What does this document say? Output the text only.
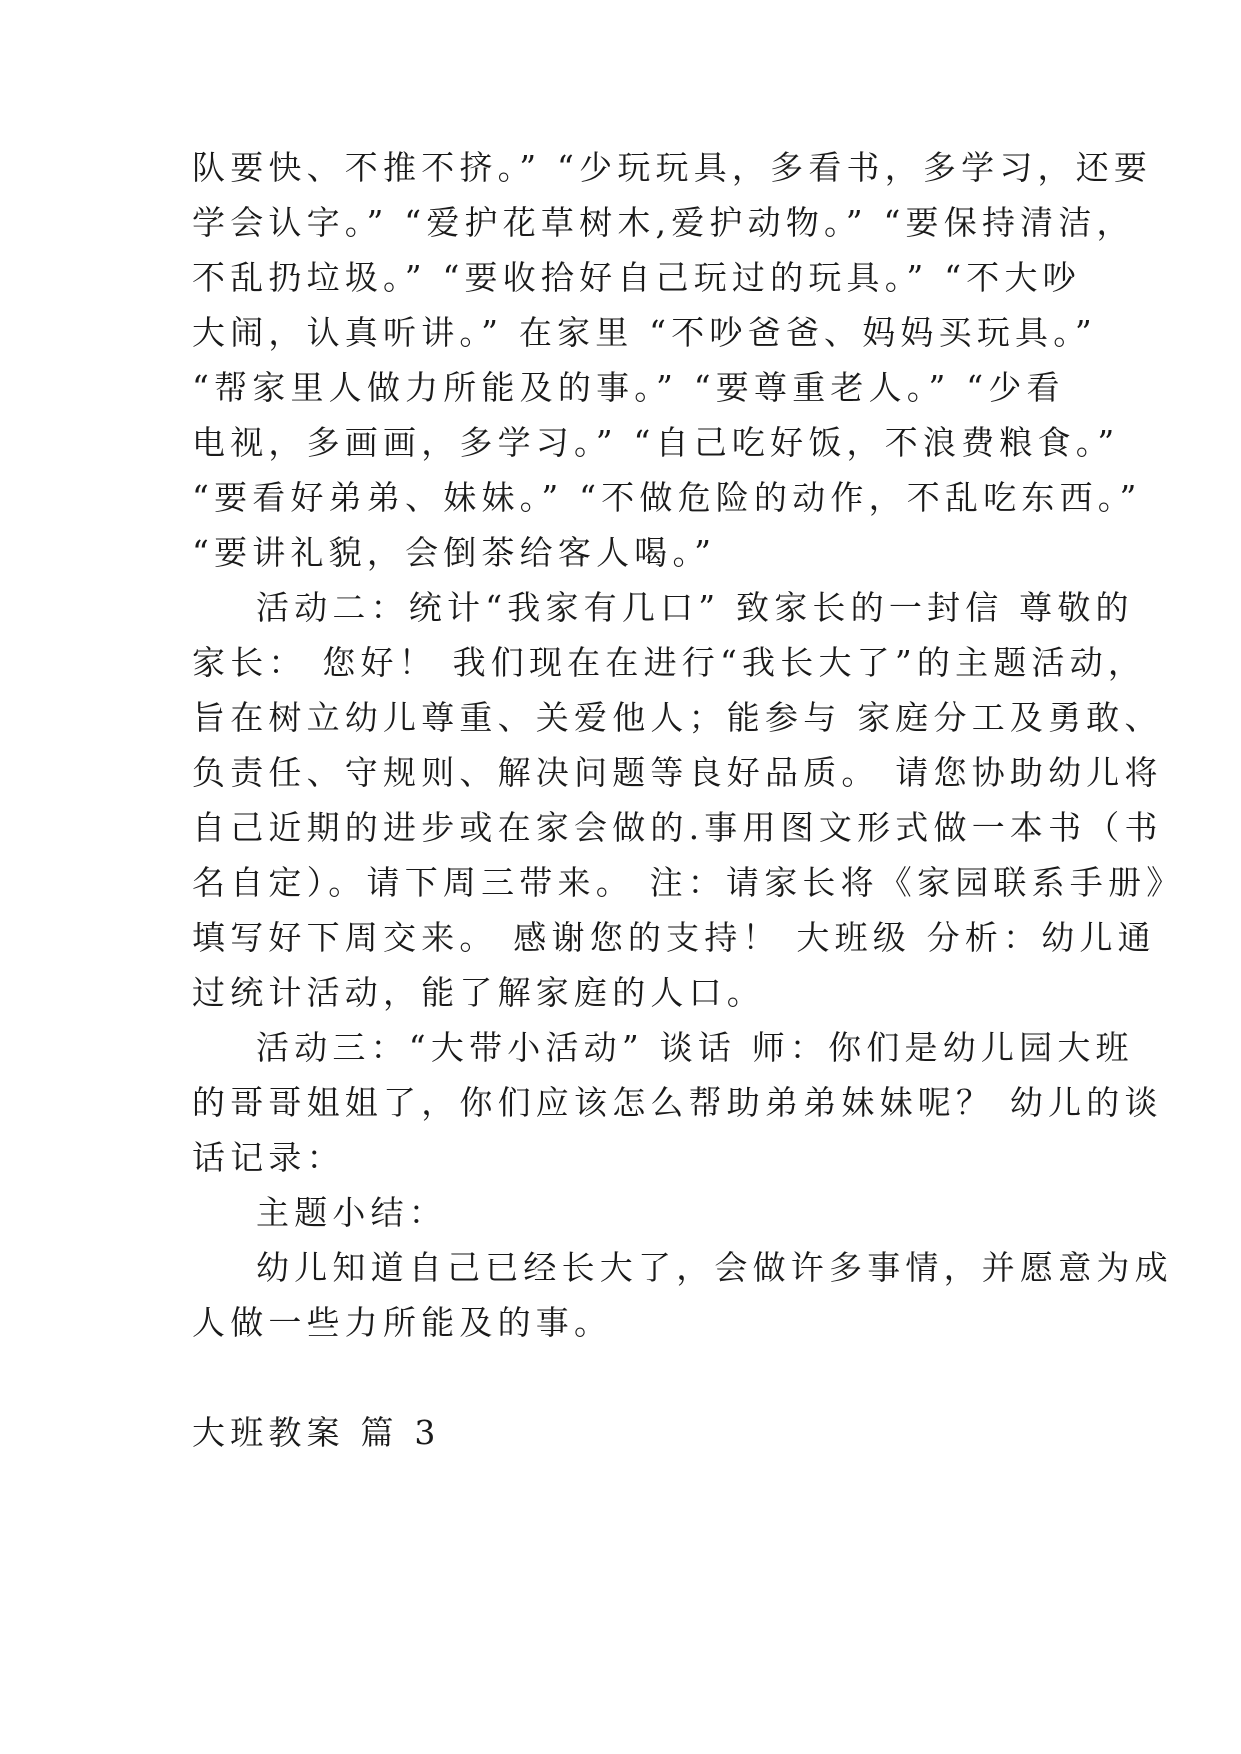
队要快、不推不挤。” “少玩玩具，多看书，多学习，还要
学会认字。” “爱护花草树木,爱护动物。” “要保持清洁，
不乱扔垃圾。” “要收拾好自己玩过的玩具。” “不大吵
大闹，认真听讲。” 在家里 “不吵爸爸、妈妈买玩具。”
“帮家里人做力所能及的事。” “要尊重老人。” “少看
电视，多画画，多学习。” “自己吃好饭，不浪费粮食。”
“要看好弟弟、妹妹。” “不做危险的动作，不乱吃东西。”
“要讲礼貌，会倒茶给客人喝。”
活动二：统计“我家有几口” 致家长的一封信 尊敬的
家长： 您好！ 我们现在在进行“我长大了”的主题活动，
旨在树立幼儿尊重、关爱他人；能参与 家庭分工及勇敢、
负责任、守规则、解决问题等良好品质。 请您协助幼儿将
自己近期的进步或在家会做的.事用图文形式做一本书（书
名自定）。请下周三带来。 注：请家长将《家园联系手册》
填写好下周交来。 感谢您的支持！ 大班级 分析：幼儿通
过统计活动，能了解家庭的人口。
活动三：“大带小活动” 谈话 师：你们是幼儿园大班
的哥哥姐姐了，你们应该怎么帮助弟弟妹妹呢？ 幼儿的谈
话记录：
主题小结：
幼儿知道自己已经长大了，会做许多事情，并愿意为成
人做一些力所能及的事。
大班教案 篇 3
